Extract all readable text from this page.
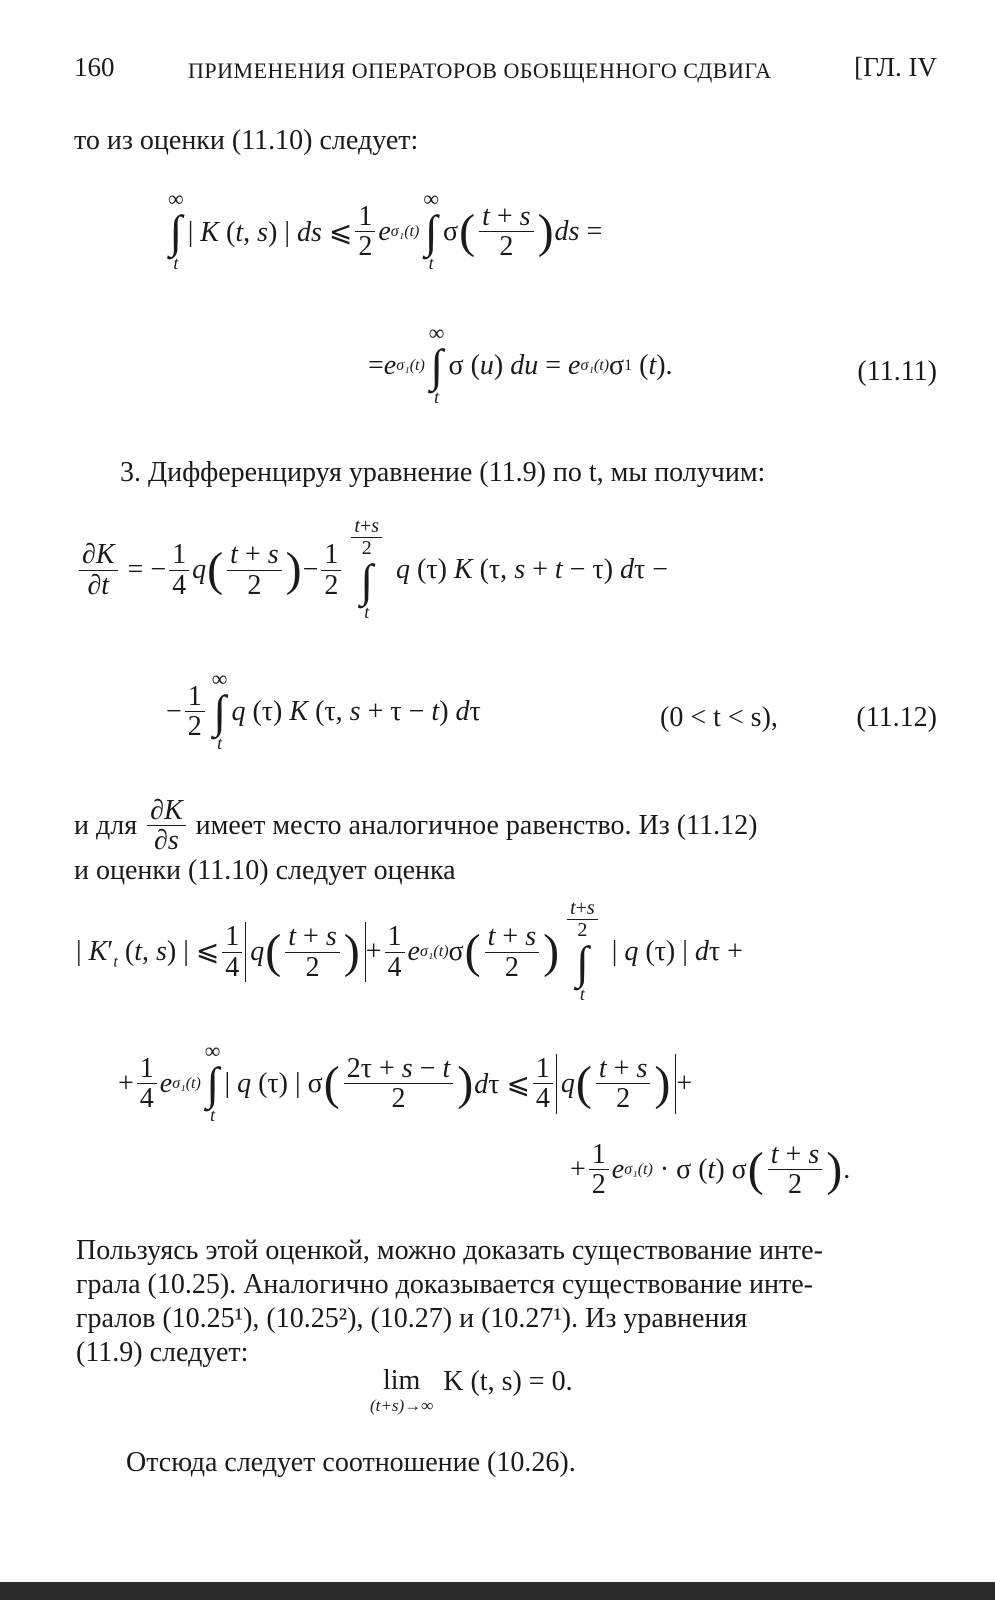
160	ПРИМЕНЕНИЯ ОПЕРАТОРОВ ОБОБЩЕННОГО СДВИГА	[ГЛ. IV
то из оценки (11.10) следует:
∞
∫
t
| K (t, s) | ds ⩽ $\frac{1}{2}$ e σ₁(t)
∞
∫
t
σ ( $\frac{t + s}{2}$ ) ds =
= e σ₁(t)
∞
∫
t
σ (u) du = e σ₁(t) σ 1 (t).	(11.11)
3. Дифференцируя уравнение (11.9) по t, мы получим:
$\frac{\partial K}{\partial t}$ = − $\frac{1}{4}$ q ( $\frac{t + s}{2}$ ) − $\frac{1}{2}$
$\frac{t+s}{2}$
∫
t
q (τ) K (τ, s + t − τ) dτ −
− $\frac{1}{2}$
∞
∫
t
q (τ) K (τ, s + τ − t) dτ	(0 < t < s),	(11.12)
и для $\frac{\partial K}{\partial s}$ имеет место аналогичное равенство. Из (11.12)
и оценки (11.10) следует оценка
| $K'_t$ (t, s) | ⩽ $\frac{1}{4}$ q ( $\frac{t + s}{2}$ ) + $\frac{1}{4}$ e σ₁(t) σ ( $\frac{t + s}{2}$ )
$\frac{t+s}{2}$
∫
t
| q (τ) | dτ +
+ $\frac{1}{4}$ e σ₁(t)
∞
∫
t
| q (τ) | σ ( $\frac{2\tau + s - t}{2}$ ) dτ ⩽ $\frac{1}{4}$ q ( $\frac{t + s}{2}$ ) +
+ $\frac{1}{2}$ e σ₁(t) · σ (t) σ ( $\frac{t + s}{2}$ ) .
Пользуясь этой оценкой, можно доказать существование инте-
грала (10.25). Аналогично доказывается существование инте-
гралов (10.25¹), (10.25²), (10.27) и (10.27¹). Из уравнения
(11.9) следует:
lim
(t+s)→∞
K (t, s) = 0.
Отсюда следует соотношение (10.26).
